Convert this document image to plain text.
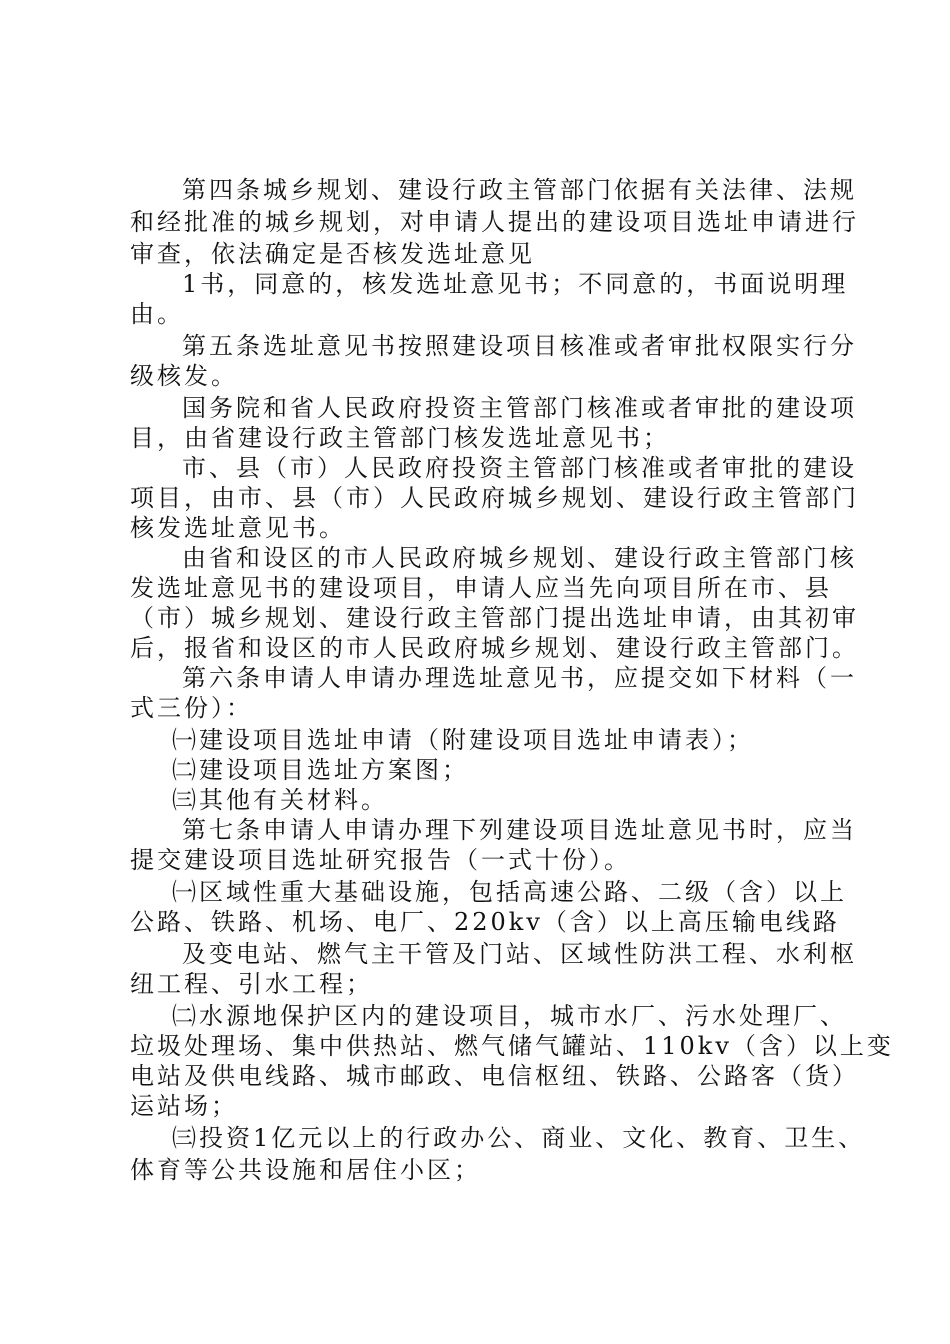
第四条城乡规划、建设行政主管部门依据有关法律、法规

和经批准的城乡规划，对申请人提出的建设项目选址申请进行

审查，依法确定是否核发选址意见

1书，同意的，核发选址意见书；不同意的，书面说明理

由。

第五条选址意见书按照建设项目核准或者审批权限实行分

级核发。

国务院和省人民政府投资主管部门核准或者审批的建设项

目，由省建设行政主管部门核发选址意见书；

市、县（市）人民政府投资主管部门核准或者审批的建设

项目，由市、县（市）人民政府城乡规划、建设行政主管部门

核发选址意见书。

由省和设区的市人民政府城乡规划、建设行政主管部门核

发选址意见书的建设项目，申请人应当先向项目所在市、县

（市）城乡规划、建设行政主管部门提出选址申请，由其初审

后，报省和设区的市人民政府城乡规划、建设行政主管部门。

第六条申请人申请办理选址意见书，应提交如下材料（一

式三份）：

㈠建设项目选址申请（附建设项目选址申请表）；

㈡建设项目选址方案图；

㈢其他有关材料。

第七条申请人申请办理下列建设项目选址意见书时，应当

提交建设项目选址研究报告（一式十份）。

㈠区域性重大基础设施，包括高速公路、二级（含）以上

公路、铁路、机场、电厂、220kv（含）以上高压输电线路

及变电站、燃气主干管及门站、区域性防洪工程、水利枢

纽工程、引水工程；

㈡水源地保护区内的建设项目，城市水厂、污水处理厂、

垃圾处理场、集中供热站、燃气储气罐站、110kv（含）以上变

电站及供电线路、城市邮政、电信枢纽、铁路、公路客（货）

运站场；

㈢投资1亿元以上的行政办公、商业、文化、教育、卫生、

体育等公共设施和居住小区；
